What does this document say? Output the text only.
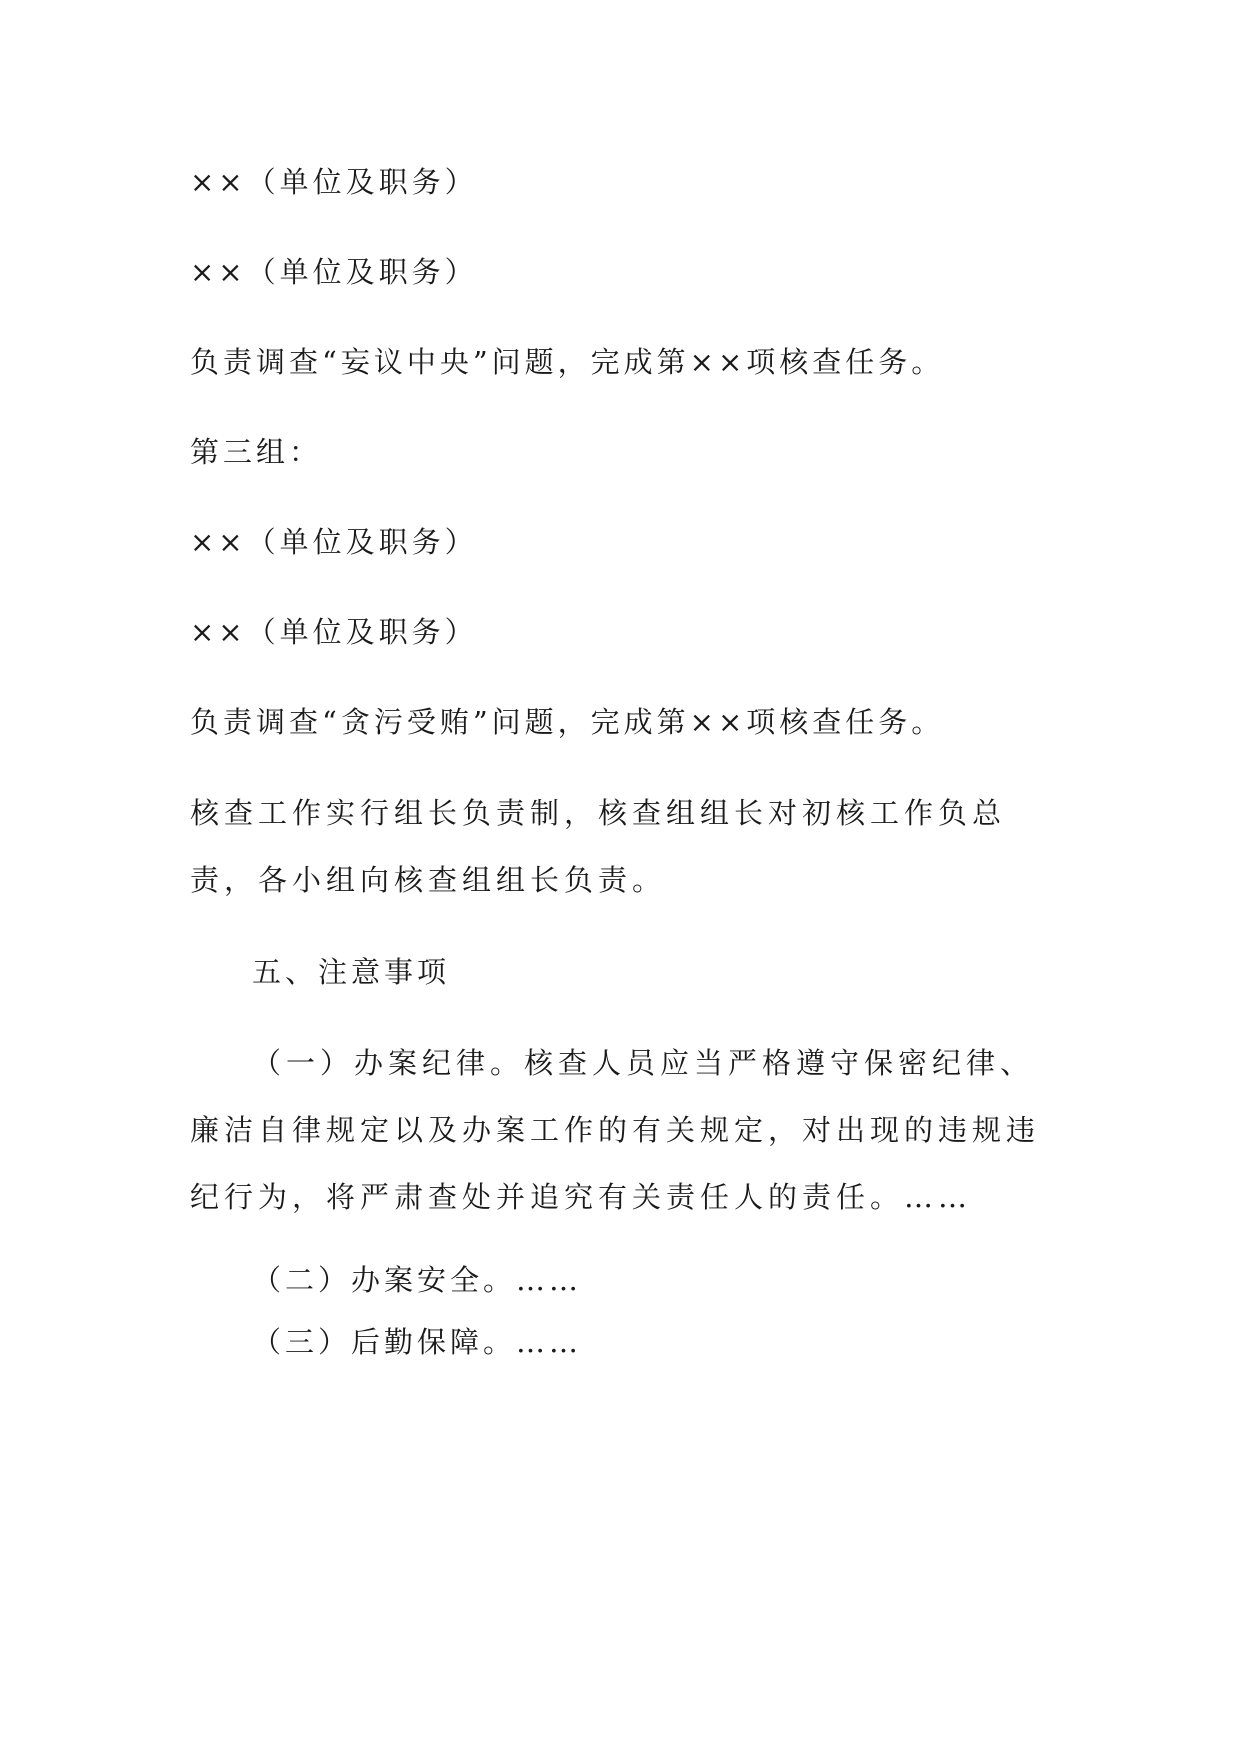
××（单位及职务）
××（单位及职务）
负责调查“妄议中央”问题，完成第××项核查任务。
第三组：
××（单位及职务）
××（单位及职务）
负责调查“贪污受贿”问题，完成第××项核查任务。
核查工作实行组长负责制，核查组组长对初核工作负总责，各小组向核查组组长负责。
五、注意事项
（一）办案纪律。核查人员应当严格遵守保密纪律、廉洁自律规定以及办案工作的有关规定，对出现的违规违纪行为，将严肃查处并追究有关责任人的责任。……
（二）办案安全。……
（三）后勤保障。……
